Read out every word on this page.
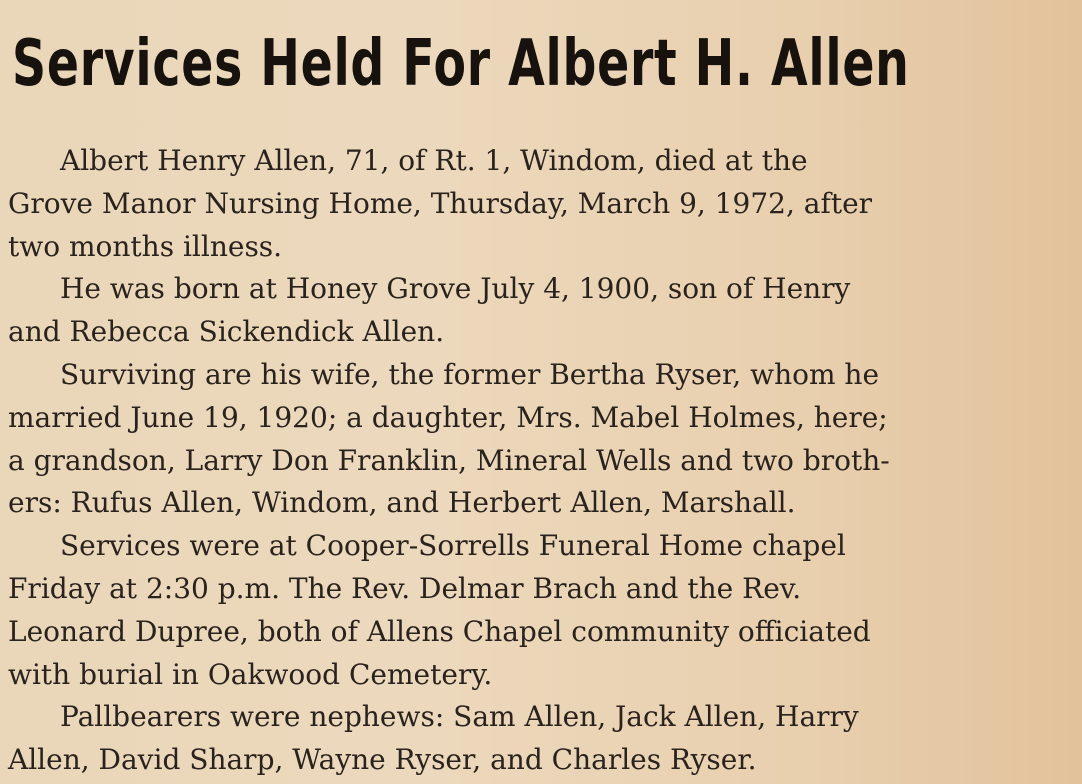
Services Held For Albert H. Allen

Albert Henry Allen, 71, of Rt. 1, Windom, died at the
Grove Manor Nursing Home, Thursday, March 9, 1972, after
two months illness.

He was born at Honey Grove July 4, 1900, son of Henry
and Rebecca Sickendick Allen.

Surviving are his wife, the former Bertha Ryser, whom he
married June 19, 1920; a daughter, Mrs. Mabel Holmes, here;
a grandson, Larry Don Franklin, Mineral Wells and two broth-
ers: Rufus Allen, Windom, and Herbert Allen, Marshall.

Services were at Cooper-Sorrells Funeral Home chapel
Friday at 2:30 p.m. The Rev. Delmar Brach and the Rev.
Leonard Dupree, both of Allens Chapel community officiated
with burial in Oakwood Cemetery.

Pallbearers were nephews: Sam Allen, Jack Allen, Harry
Allen, David Sharp, Wayne Ryser, and Charles Ryser.
